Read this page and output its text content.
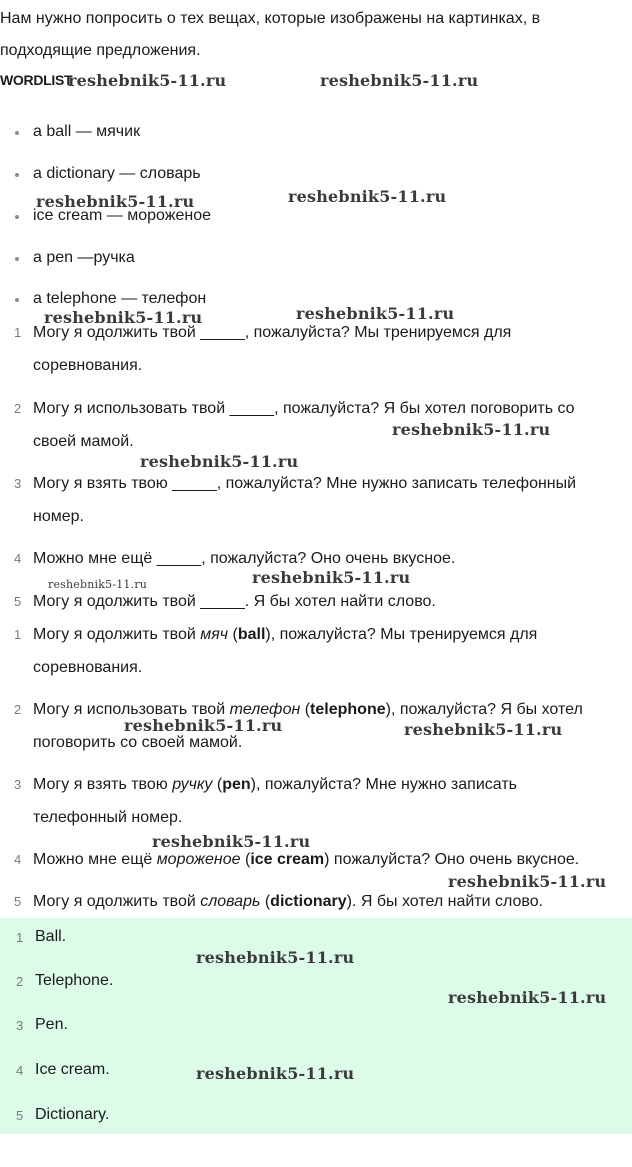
Нам нужно попросить о тех вещах, которые изображены на картинках, в подходящие предложения.

WORDLIST
a ball — мячик
a dictionary — словарь
ice cream — мороженое
a pen —ручка
a telephone — телефон
1 Могу я одолжить твой _____, пожалуйста? Мы тренируемся для соревнования.

2 Могу я использовать твой _____, пожалуйста? Я бы хотел поговорить со своей мамой.

3 Могу я взять твою _____, пожалуйста? Мне нужно записать телефонный номер.

4 Можно мне ещё _____, пожалуйста? Оно очень вкусное.

5 Могу я одолжить твой _____. Я бы хотел найти слово.

1 Могу я одолжить твой мяч (ball), пожалуйста? Мы тренируемся для соревнования.

2 Могу я использовать твой телефон (telephone), пожалуйста? Я бы хотел поговорить со своей мамой.

3 Могу я взять твою ручку (pen), пожалуйста? Мне нужно записать телефонный номер.

4 Можно мне ещё мороженое (ice cream) пожалуйста? Оно очень вкусное.

5 Могу я одолжить твой словарь (dictionary). Я бы хотел найти слово.

1 Ball.
2 Telephone.
3 Pen.
4 Ice cream.
5 Dictionary.
reshebnik5-11.ru	reshebnik5-11.ru
reshebnik5-11.ru	reshebnik5-11.ru
reshebnik5-11.ru	reshebnik5-11.ru
reshebnik5-11.ru
reshebnik5-11.ru
reshebnik5-11.ru
reshebnik5-11.ru
reshebnik5-11.ru	reshebnik5-11.ru
reshebnik5-11.ru
reshebnik5-11.ru
reshebnik5-11.ru
reshebnik5-11.ru
reshebnik5-11.ru
